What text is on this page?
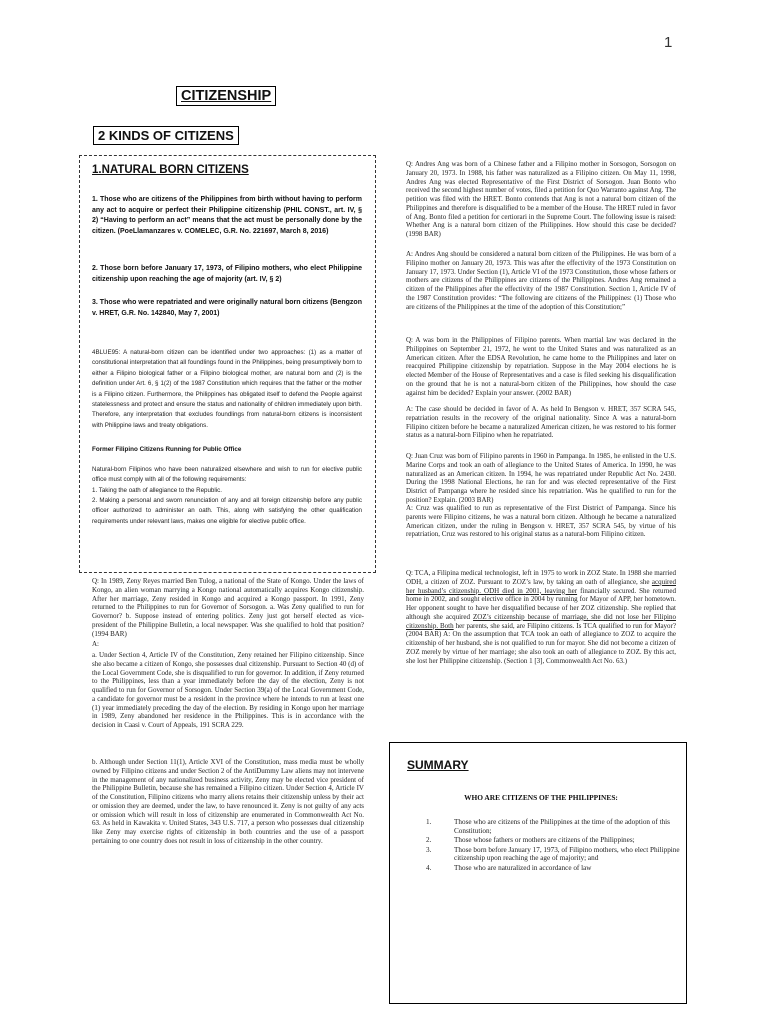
1
CITIZENSHIP
2 KINDS OF CITIZENS
1.NATURAL BORN CITIZENS
1. Those who are citizens of the Philippines from birth without having to perform any act to acquire or perfect their Philippine citizenship (PHIL CONST., art. IV, § 2) “Having to perform an act” means that the act must be personally done by the citizen. (PoeLlamanzares v. COMELEC, G.R. No. 221697, March 8, 2016)
2. Those born before January 17, 1973, of Filipino mothers, who elect Philippine citizenship upon reaching the age of majority (art. IV, § 2)
3. Those who were repatriated and were originally natural born citizens (Bengzon v. HRET, G.R. No. 142840, May 7, 2001)
4BLUE95: A natural-born citizen can be identified under two approaches: (1) as a matter of constitutional interpretation that all foundlings found in the Philippines, being presumptively born to either a Filipino biological father or a Filipino biological mother, are natural born and (2) is the definition under Art. 6, § 1(2) of the 1987 Constitution which requires that the father or the mother is a Filipino citizen. Furthermore, the Philippines has obligated itself to defend the People against statelessness and protect and ensure the status and nationality of children immediately upon birth. Therefore, any interpretation that excludes foundlings from natural-born citizens is inconsistent with Philippine laws and treaty obligations.
Former Filipino Citizens Running for Public Office
Natural-born Filipinos who have been naturalized elsewhere and wish to run for elective public office must comply with all of the following requirements:
1. Taking the oath of allegiance to the Republic.
2. Making a personal and sworn renunciation of any and all foreign citizenship before any public officer authorized to administer an oath. This, along with satisfying the other qualification requirements under relevant laws, makes one eligible for elective public office.
Q: In 1989, Zeny Reyes married Ben Tulog, a national of the State of Kongo. Under the laws of Kongo, an alien woman marrying a Kongo national automatically acquires Kongo citizenship. After her marriage, Zeny resided in Kongo and acquired a Kongo passport. In 1991, Zeny returned to the Philippines to run for Governor of Sorsogon. a. Was Zeny qualified to run for Governor? b. Suppose instead of entering politics. Zeny just got herself elected as vice- president of the Philippine Bulletin, a local newspaper. Was she qualified to hold that position? (1994 BAR)
A:
a. Under Section 4, Article IV of the Constitution, Zeny retained her Filipino citizenship. Since she also became a citizen of Kongo, she possesses dual citizenship. Pursuant to Section 40 (d) of the Local Government Code, she is disqualified to run for governor. In addition, if Zeny returned to the Philippines, less than a year immediately before the day of the election, Zeny is not qualified to run for Governor of Sorsogon. Under Section 39(a) of the Local Government Code, a candidate for governor must be a resident in the province where he intends to run at least one (1) year immediately preceding the day of the election. By residing in Kongo upon her marriage in 1989, Zeny abandoned her residence in the Philippines. This is in accordance with the decision in Caasi v. Court of Appeals, 191 SCRA 229.
b. Although under Section 11(1), Article XVI of the Constitution, mass media must be wholly owned by Filipino citizens and under Section 2 of the AntiDummy Law aliens may not intervene in the management of any nationalized business activity, Zeny may be elected vice president of the Philippine Bulletin, because she has remained a Filipino citizen. Under Section 4, Article IV of the Constitution, Filipino citizens who marry aliens retains their citizenship unless by their act or omission they are deemed, under the law, to have renounced it. Zeny is not guilty of any acts or omission which will result in loss of citizenship are enumerated in Commonwealth Act No. 63. As held in Kawakita v. United States, 343 U.S. 717, a person who possesses dual citizenship like Zeny may exercise rights of citizenship in both countries and the use of a passport pertaining to one country does not result in loss of citizenship in the other country.
Q: Andres Ang was born of a Chinese father and a Filipino mother in Sorsogon, Sorsogon on January 20, 1973. In 1988, his father was naturalized as a Filipino citizen. On May 11, 1998, Andres Ang was elected Representative of the First District of Sorsogon. Juan Bonto who received the second highest number of votes, filed a petition for Quo Warranto against Ang. The petition was filed with the HRET. Bonto contends that Ang is not a natural born citizen of the Philippines and therefore is disqualified to be a member of the House. The HRET ruled in favor of Ang. Bonto filed a petition for certiorari in the Supreme Court. The following issue is raised: Whether Ang is a natural born citizen of the Philippines. How should this case be decided? (1998 BAR)
A: Andres Ang should be considered a natural born citizen of the Philippines. He was born of a Filipino mother on January 20, 1973. This was after the effectivity of the 1973 Constitution on January 17, 1973. Under Section (1), Article VI of the 1973 Constitution, those whose fathers or mothers are citizens of the Philippines are citizens of the Philippines. Andres Ang remained a citizen of the Philippines after the effectivity of the 1987 Constitution. Section 1, Article IV of the 1987 Constitution provides: “The following are citizens of the Philippines: (1) Those who are citizens of the Philippines at the time of the adoption of this Constitution;”
Q: A was born in the Philippines of Filipino parents. When martial law was declared in the Philippines on September 21, 1972, he went to the United States and was naturalized as an American citizen. After the EDSA Revolution, he came home to the Philippines and later on reacquired Philippine citizenship by repatriation. Suppose in the May 2004 elections he is elected Member of the House of Representatives and a case is filed seeking his disqualification on the ground that he is not a natural-born citizen of the Philippines, how should the case against him be decided? Explain your answer. (2002 BAR)
A: The case should be decided in favor of A. As held In Bengson v. HRET, 357 SCRA 545, repatriation results in the recovery of the original nationality. Since A was a natural-born Filipino citizen before he became a naturalized American citizen, he was restored to his former status as a natural-born Filipino when he repatriated.
Q: Juan Cruz was born of Filipino parents in 1960 in Pampanga. In 1985, he enlisted in the U.S. Marine Corps and took an oath of allegiance to the United States of America. In 1990, he was naturalized as an American citizen. In 1994, he was repatriated under Republic Act No. 2430. During the 1998 National Elections, he ran for and was elected representative of the First District of Pampanga where he resided since his repatriation. Was he qualified to run for the position? Explain. (2003 BAR)
A: Cruz was qualified to run as representative of the First District of Pampanga. Since his parents were Filipino citizens, he was a natural born citizen. Although he became a naturalized American citizen, under the ruling in Bengson v. HRET, 357 SCRA 545, by virtue of his repatriation, Cruz was restored to his original status as a natural-born Filipino citizen.
Q: TCA, a Filipina medical technologist, left in 1975 to work in ZOZ State. In 1988 she married ODH, a citizen of ZOZ. Pursuant to ZOZ’s law, by taking an oath of allegiance, she acquired her husband’s citizenship. ODH died in 2001, leaving her financially secured. She returned home in 2002, and sought elective office in 2004 by running for Mayor of APP, her hometown. Her opponent sought to have her disqualified because of her ZOZ citizenship. She replied that although she acquired ZOZ’s citizenship because of marriage, she did not lose her Filipino citizenship. Both her parents, she said, are Filipino citizens. Is TCA qualified to run for Mayor? (2004 BAR) A: On the assumption that TCA took an oath of allegiance to ZOZ to acquire the citizenship of her husband, she is not qualified to run for mayor. She did not become a citizen of ZOZ merely by virtue of her marriage; she also took an oath of allegiance to ZOZ. By this act, she lost her Philippine citizenship. (Section 1 [3], Commonwealth Act No. 63.)
SUMMARY
WHO ARE CITIZENS OF THE PHILIPPINES:
1.	Those who are citizens of the Philippines at the time of the adoption of this Constitution;
2.	Those whose fathers or mothers are citizens of the Philippines;
3.	Those born before January 17, 1973, of Filipino mothers, who elect Philippine citizenship upon reaching the age of majority; and
4.	Those who are naturalized in accordance of law
